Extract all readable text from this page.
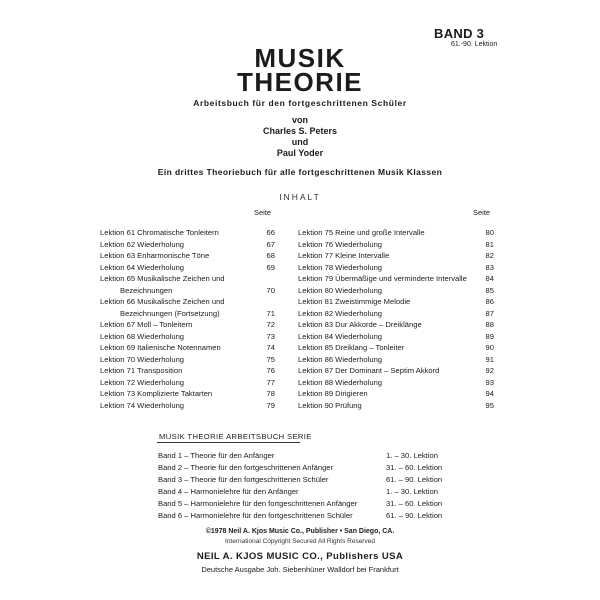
BAND 3
61.-90. Lektion
MUSIK
THEORIE
Arbeitsbuch für den fortgeschrittenen Schüler
von
Charles S. Peters
und
Paul Yoder
Ein drittes Theoriebuch für alle fortgeschrittenen Musik Klassen
INHALT
Seite	Seite
Lektion 61 Chromatische Tonleitern	66
Lektion 62 Wiederholung	67
Lektion 63 Enharmonische Töne	68
Lektion 64 Wiederholung	69
Lektion 65 Musikalische Zeichen und
Bezeichnungen	70
Lektion 66 Musikalische Zeichen und
Bezeichnungen (Fortsetzung)	71
Lektion 67 Moll – Tonleitern	72
Lektion 68 Wiederholung	73
Lektion 69 Italienische Notennamen	74
Lektion 70 Wiederholung	75
Lektion 71 Transposition	76
Lektion 72 Wiederholung	77
Lektion 73 Komplizierte Taktarten	78
Lektion 74 Wiederholung	79
Lektion 75 Reine und große Intervalle	80
Lektion 76 Wiederholung	81
Lektion 77 Kleine Intervalle	82
Lektion 78 Wiederholung	83
Lektion 79 Übermäßige und verminderte Intervalle 84
Lektion 80 Wiederholung	85
Lektion 81 Zweistimmige Melodie	86
Lektion 82 Wiederholung	87
Lektion 83 Dur Akkorde – Dreiklänge	88
Lektion 84 Wiederholung	89
Lektion 85 Dreiklang – Tonleiter	90
Lektion 86 Wiederholung	91
Lektion 87 Der Dominant – Septim Akkord	92
Lektion 88 Wiederholung	93
Lektion 89 Dirigieren	94
Lektion 90 Prüfung	95
MUSIK THEORIE ARBEITSBUCH SERIE
Band 1 – Theorie für den Anfänger	1. – 30. Lektion
Band 2 – Theorie für den fortgeschrittenen Anfänger	31. – 60. Lektion
Band 3 – Theorie für den fortgeschrittenen Schüler	61. – 90. Lektion
Band 4 – Harmonielehre für den Anfänger	1. – 30. Lektion
Band 5 – Harmonielehre für den fortgeschrittenen Anfänger	31. – 60. Lektion
Band 6 – Harmonielehre für den fortgeschrittenen Schüler	61. – 90. Lektion
©1978 Neil A. Kjos Music Co., Publisher • San Diego, CA.
International Copyright Secured All Rights Reserved
NEIL A. KJOS MUSIC CO., Publishers USA
Deutsche Ausgabe Joh. Siebenhüner Walldorf bei Frankfurt
